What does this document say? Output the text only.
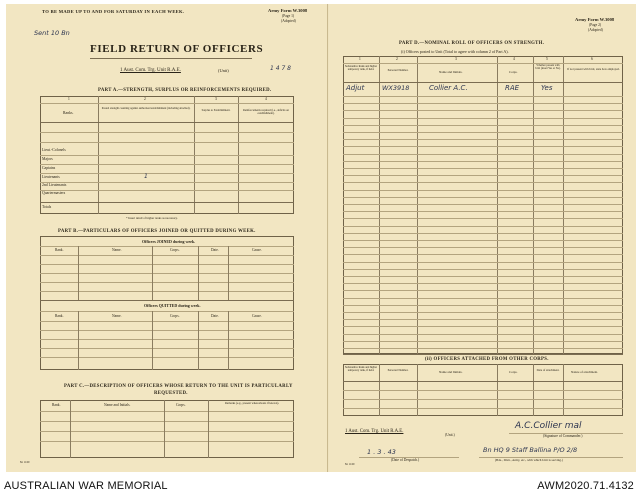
TO BE MADE UP TO AND FOR SATURDAY IN EACH WEEK.	Army Form W.3008
(Page 1)
(Adopted)
Sent 10 Bn
FIELD RETURN OF OFFICERS
1 Aust. Com. Trg. Unit R.A.E.	(Unit)	1 4 7 8
PART A.—STRENGTH, SURPLUS OR REINFORCEMENTS REQUIRED.
1	2	3	4
Ranks.
Posted strength counting against authorised establishment (including attached).
Surplus to Establishment.	Reinforcements required (i.e., deficits on establishment).
Lieut.-Colonels
Majors
Captains
Lieutenants	1
2nd Lieutenants
Quartermasters
Totals
* Insert detail of higher ranks as necessary.
PART B.—PARTICULARS OF OFFICERS JOINED OR QUITTED DURING WEEK.
Officers JOINED during week.
Rank.	Name.	Corps.	Date.	Cause.
Officers QUITTED during week.
Rank.	Name.	Corps.	Date.	Cause.
PART C.—DESCRIPTION OF OFFICERS WHOSE RETURN TO THE UNIT IS PARTICULARLY
REQUESTED.
Rank.	Name and Initials.	Corps.	Remarks (e.g., present whereabouts if known).
M. 1169
Army Form W.3008
(Page 2)
(Adopted)
PART D.—NOMINAL ROLL OF OFFICERS ON STRENGTH.
(i) Officers posted to Unit (Total to agree with column 2 of Part A).
1	2	3	4	5	6
Substantive Rank and higher temporary rank, if held.	Personal Number.	Name and Initials.	Corps.
Whether present with Unit (insert Yes or No).	If not present with Unit, state how employed.
Adjut	WX3918	Collier A.C.	RAE	Yes
(ii) OFFICERS ATTACHED FROM OTHER CORPS.
Substantive Rank and higher temporary rank, if held.	Personal Number.	Name and Initials.	Corps.	Date of attachment.	Nature of attachment.
A.C.Collier mal
(Signature of Commander.)
1 Aust. Com. Trg. Unit R.A.E.
(Unit.)
1 . 3 . 43
(Date of Despatch.)
Bn HQ 9 Staff Ballina P/O 2/8
(Bde., Divn., Army, etc., with which Unit is serving.)
M. 1169
AUSTRALIAN WAR MEMORIAL	AWM2020.71.4132
